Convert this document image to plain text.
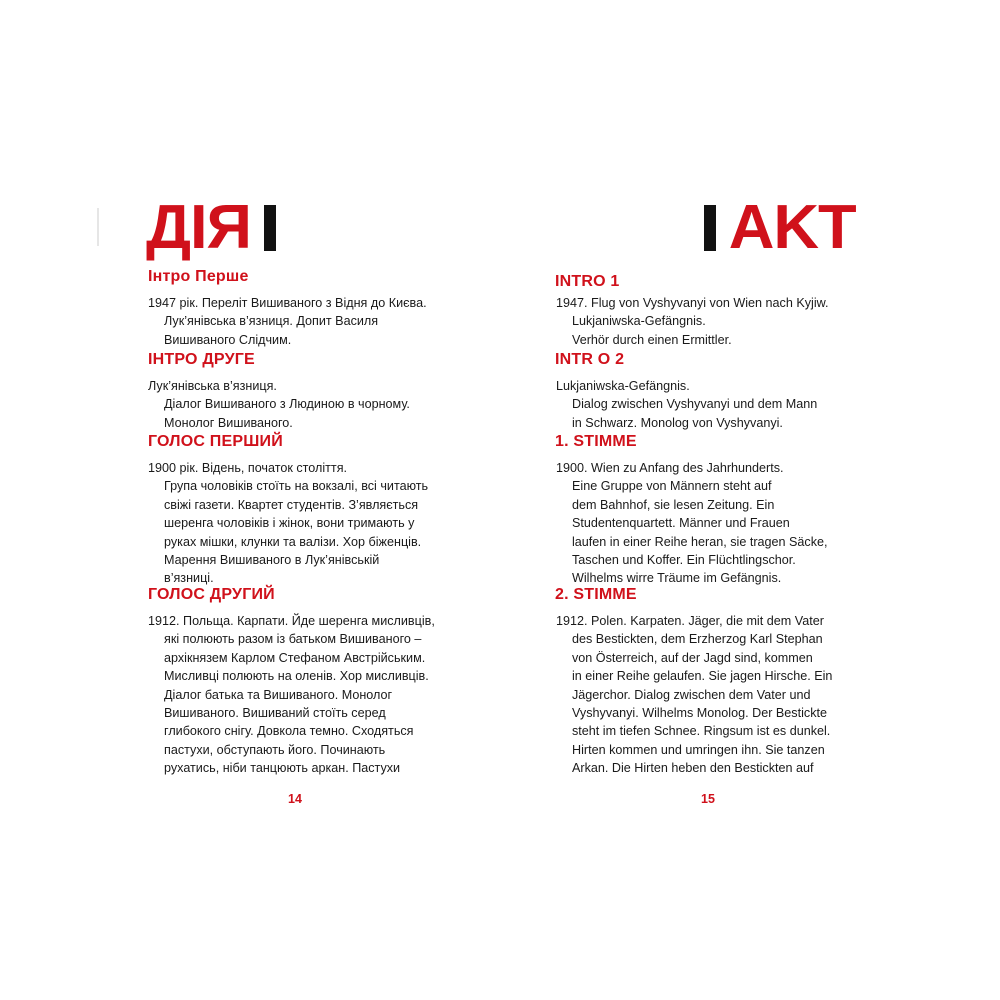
ДІЯ
Інтро Перше

1947 рік. Переліт Вишиваного з Відня до Києва.
Лук’янівська в’язниця. Допит Василя
Вишиваного Слідчим.

ІНТРО ДРУГЕ

Лук’янівська в’язниця.
Діалог Вишиваного з Людиною в чорному.
Монолог Вишиваного.

ГОЛОС ПЕРШИЙ

1900 рік. Відень, початок століття.
Група чоловіків стоїть на вокзалі, всі читають
свіжі газети. Квартет студентів. З’являється
шеренга чоловіків і жінок, вони тримають у
руках мішки, клунки та валізи. Хор біженців.
Марення Вишиваного в Лук’янівській
в’язниці.

ГОЛОС ДРУГИЙ

1912. Польща. Карпати. Йде шеренга мисливців,
які полюють разом із батьком Вишиваного –
архікнязем Карлом Стефаном Австрійським.
Мисливці полюють на оленів. Хор мисливців.
Діалог батька та Вишиваного. Монолог
Вишиваного. Вишиваний стоїть серед
глибокого снігу. Довкола темно. Сходяться
пастухи, обступають його. Починають
рухатись, ніби танцюють аркан. Пастухи

14
AKT
INTRO 1

1947. Flug von Vyshyvanyi von Wien nach Kyjiw.
Lukjaniwska-Gefängnis.
Verhör durch einen Ermittler.

INTR O 2

Lukjaniwska-Gefängnis.
Dialog zwischen Vyshyvanyi und dem Mann
in Schwarz. Monolog von Vyshyvanyi.

1. STIMME

1900. Wien zu Anfang des Jahrhunderts.
Eine Gruppe von Männern steht auf
dem Bahnhof, sie lesen Zeitung. Ein
Studentenquartett. Männer und Frauen
laufen in einer Reihe heran, sie tragen Säcke,
Taschen und Koffer. Ein Flüchtlingschor.
Wilhelms wirre Träume im Gefängnis.

2. STIMME

1912. Polen. Karpaten. Jäger, die mit dem Vater
des Bestickten, dem Erzherzog Karl Stephan
von Österreich, auf der Jagd sind, kommen
in einer Reihe gelaufen. Sie jagen Hirsche. Ein
Jägerchor. Dialog zwischen dem Vater und
Vyshyvanyi. Wilhelms Monolog. Der Bestickte
steht im tiefen Schnee. Ringsum ist es dunkel.
Hirten kommen und umringen ihn. Sie tanzen
Arkan. Die Hirten heben den Bestickten auf

15
